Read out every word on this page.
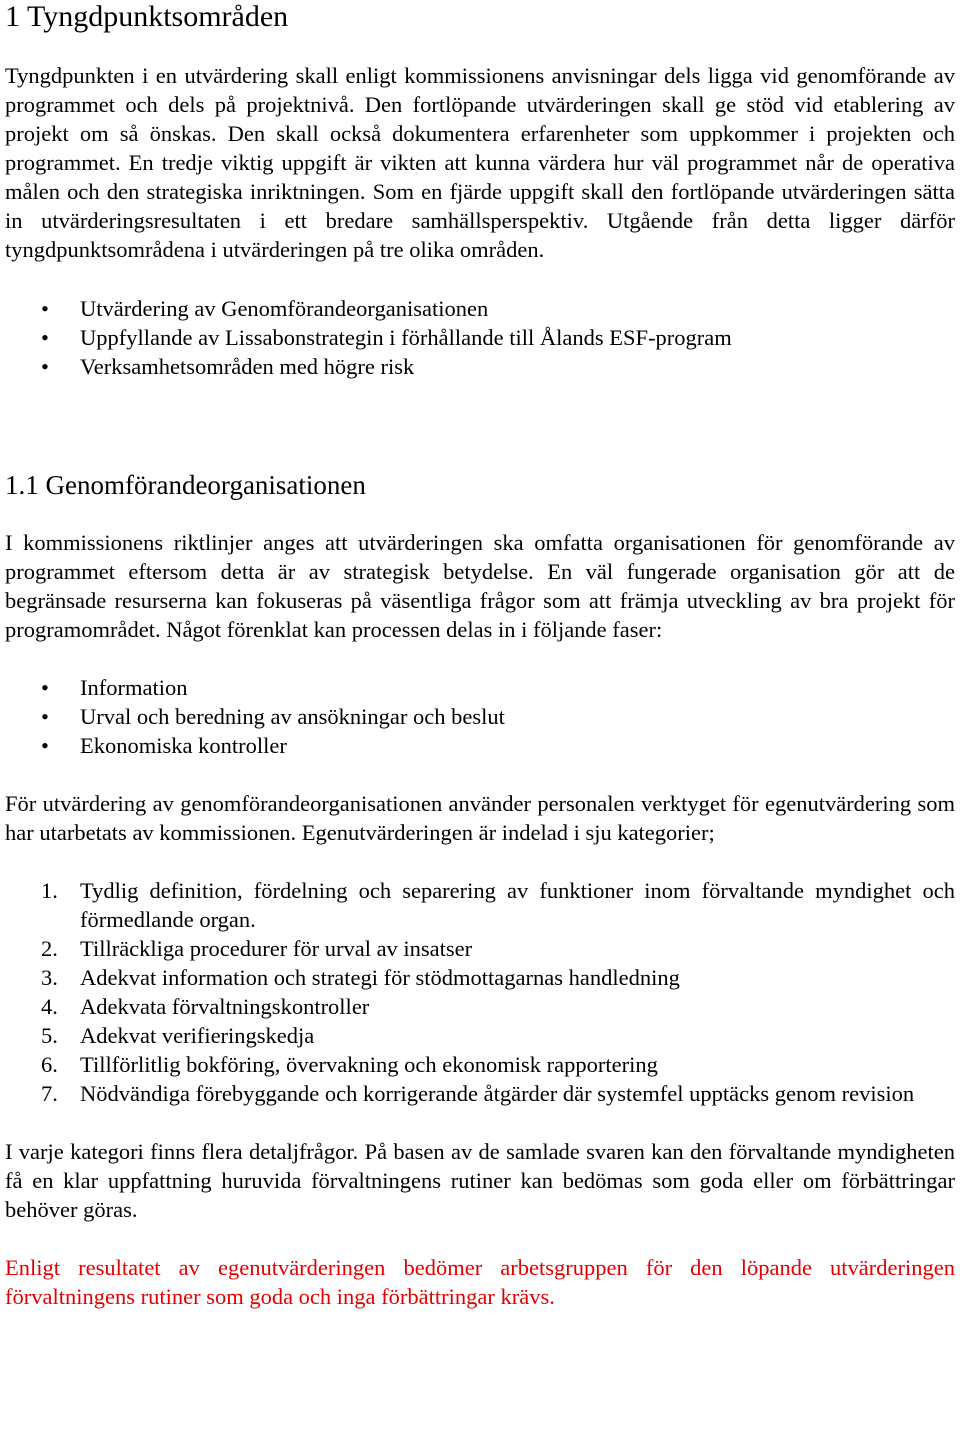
1 Tyngdpunktsområden

Tyngdpunkten i en utvärdering skall enligt kommissionens anvisningar dels ligga vid genomförande av programmet och dels på projektnivå. Den fortlöpande utvärderingen skall ge stöd vid etablering av projekt om så önskas. Den skall också dokumentera erfarenheter som uppkommer i projekten och programmet. En tredje viktig uppgift är vikten att kunna värdera hur väl programmet når de operativa målen och den strategiska inriktningen. Som en fjärde uppgift skall den fortlöpande utvärderingen sätta in utvärderingsresultaten i ett bredare samhällsperspektiv. Utgående från detta ligger därför tyngdpunktsområdena i utvärderingen på tre olika områden.

• Utvärdering av Genomförandeorganisationen
• Uppfyllande av Lissabonstrategin i förhållande till Ålands ESF-program
• Verksamhetsområden med högre risk
1.1 Genomförandeorganisationen

I kommissionens riktlinjer anges att utvärderingen ska omfatta organisationen för genomförande av programmet eftersom detta är av strategisk betydelse. En väl fungerade organisation gör att de begränsade resurserna kan fokuseras på väsentliga frågor som att främja utveckling av bra projekt för programområdet. Något förenklat kan processen delas in i följande faser:

• Information
• Urval och beredning av ansökningar och beslut
• Ekonomiska kontroller

För utvärdering av genomförandeorganisationen använder personalen verktyget för egenutvärdering som har utarbetats av kommissionen. Egenutvärderingen är indelad i sju kategorier;

1. Tydlig definition, fördelning och separering av funktioner inom förvaltande myndighet och förmedlande organ.
2. Tillräckliga procedurer för urval av insatser
3. Adekvat information och strategi för stödmottagarnas handledning
4. Adekvata förvaltningskontroller
5. Adekvat verifieringskedja
6. Tillförlitlig bokföring, övervakning och ekonomisk rapportering
7. Nödvändiga förebyggande och korrigerande åtgärder där systemfel upptäcks genom revision

I varje kategori finns flera detaljfrågor. På basen av de samlade svaren kan den förvaltande myndigheten få en klar uppfattning huruvida förvaltningens rutiner kan bedömas som goda eller om förbättringar behöver göras.

Enligt resultatet av egenutvärderingen bedömer arbetsgruppen för den löpande utvärderingen förvaltningens rutiner som goda och inga förbättringar krävs.
